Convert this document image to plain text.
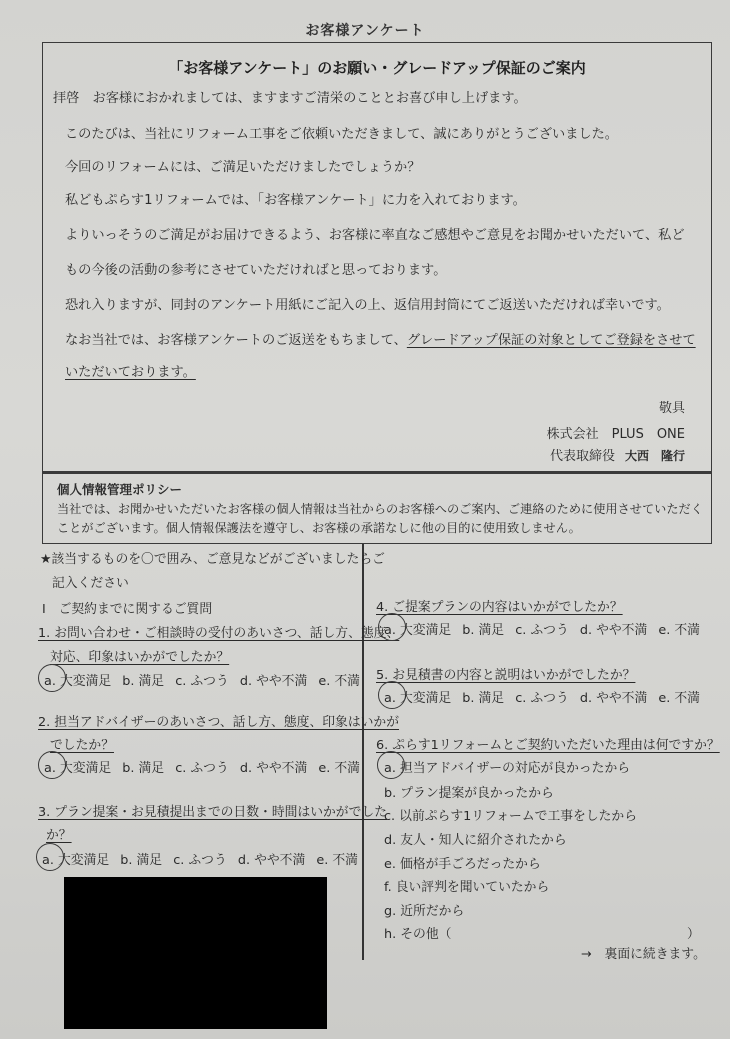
お客様アンケート
「お客様アンケート」のお願い・グレードアップ保証のご案内
拝啓　お客様におかれましては、ますますご清栄のこととお喜び申し上げます。
このたびは、当社にリフォーム工事をご依頼いただきまして、誠にありがとうございました。
今回のリフォームには、ご満足いただけましたでしょうか？
私どもぷらす1リフォームでは、「お客様アンケート」に力を入れております。
よりいっそうのご満足がお届けできるよう、お客様に率直なご感想やご意見をお聞かせいただいて、私ど
もの今後の活動の参考にさせていただければと思っております。
恐れ入りますが、同封のアンケート用紙にご記入の上、返信用封筒にてご返送いただければ幸いです。
なお当社では、お客様アンケートのご返送をもちまして、グレードアップ保証の対象としてご登録をさせて
いただいております。
敬具
株式会社　PLUS　ONE
代表取締役 大西　隆行
個人情報管理ポリシー
当社では、お聞かせいただいたお客様の個人情報は当社からのお客様へのご案内、ご連絡のために使用させていただく
ことがございます。個人情報保護法を遵守し、お客様の承諾なしに他の目的に使用致しません。
★該当するものを〇で囲み、ご意見などがございましたらご
記入ください
Ⅰ　ご契約までに関するご質問
1. お問い合わせ・ご相談時の受付のあいさつ、話し方、態度、
対応、印象はいかがでしたか？
a. 大変満足 b. 満足 c. ふつう d. やや不満 e. 不満
2. 担当アドバイザーのあいさつ、話し方、態度、印象はいかが
でしたか？
a. 大変満足 b. 満足 c. ふつう d. やや不満 e. 不満
3. プラン提案・お見積提出までの日数・時間はいかがでした
か？
a. 大変満足 b. 満足 c. ふつう d. やや不満 e. 不満
4. ご提案プランの内容はいかがでしたか？
a. 大変満足 b. 満足 c. ふつう d. やや不満 e. 不満
5. お見積書の内容と説明はいかがでしたか？
a. 大変満足 b. 満足 c. ふつう d. やや不満 e. 不満
6. ぷらす1リフォームとご契約いただいた理由は何ですか？
a. 担当アドバイザーの対応が良かったから
b. プラン提案が良かったから
c. 以前ぷらす1リフォームで工事をしたから
d. 友人・知人に紹介されたから
e. 価格が手ごろだったから
f. 良い評判を聞いていたから
g. 近所だから
h. その他（	）
→　裏面に続きます。
